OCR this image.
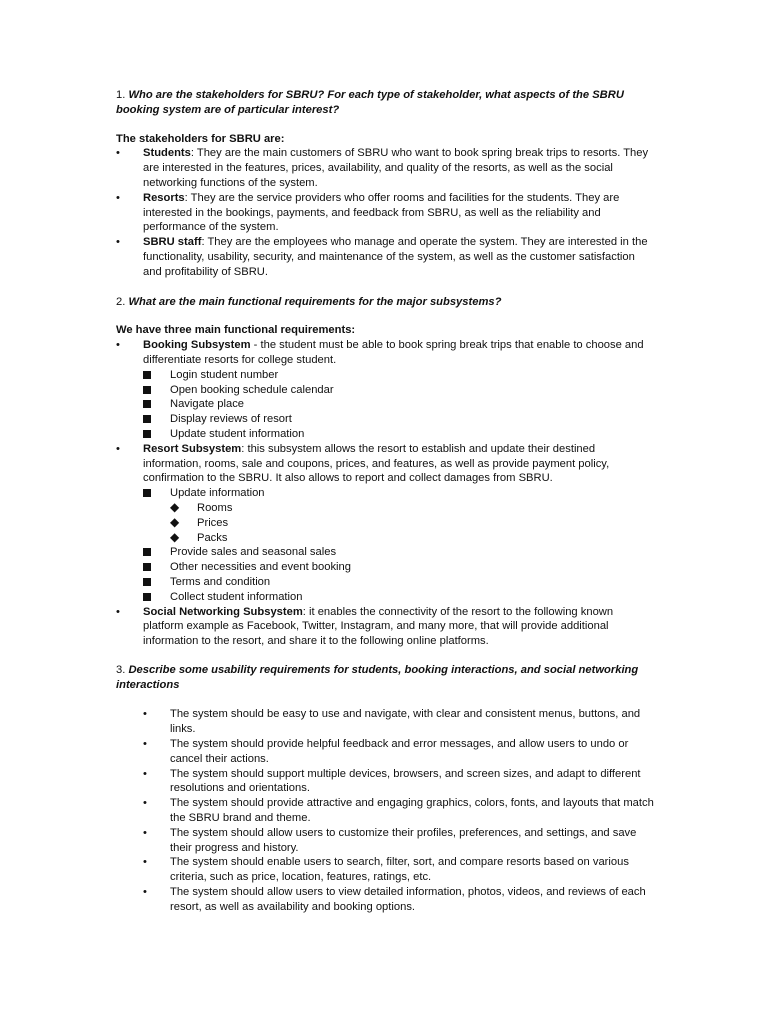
1. Who are the stakeholders for SBRU? For each type of stakeholder, what aspects of the SBRU booking system are of particular interest?

The stakeholders for SBRU are:

• Students: They are the main customers of SBRU who want to book spring break trips to resorts. They are interested in the features, prices, availability, and quality of the resorts, as well as the social networking functions of the system.
• Resorts: They are the service providers who offer rooms and facilities for the students. They are interested in the bookings, payments, and feedback from SBRU, as well as the reliability and performance of the system.
• SBRU staff: They are the employees who manage and operate the system. They are interested in the functionality, usability, security, and maintenance of the system, as well as the customer satisfaction and profitability of SBRU.

2. What are the main functional requirements for the major subsystems?

We have three main functional requirements:

• Booking Subsystem - the student must be able to book spring break trips that enable to choose and differentiate resorts for college student.
Login student number
Open booking schedule calendar
Navigate place
Display reviews of resort
Update student information
• Resort Subsystem: this subsystem allows the resort to establish and update their destined information, rooms, sale and coupons, prices, and features, as well as provide payment policy, confirmation to the SBRU. It also allows to report and collect damages from SBRU.
Update information
◆ Rooms
◆ Prices
◆ Packs
Provide sales and seasonal sales
Other necessities and event booking
Terms and condition
Collect student information
• Social Networking Subsystem: it enables the connectivity of the resort to the following known platform example as Facebook, Twitter, Instagram, and many more, that will provide additional information to the resort, and share it to the following online platforms.

3. Describe some usability requirements for students, booking interactions, and social networking interactions

• The system should be easy to use and navigate, with clear and consistent menus, buttons, and links.
• The system should provide helpful feedback and error messages, and allow users to undo or cancel their actions.
• The system should support multiple devices, browsers, and screen sizes, and adapt to different resolutions and orientations.
• The system should provide attractive and engaging graphics, colors, fonts, and layouts that match the SBRU brand and theme.
• The system should allow users to customize their profiles, preferences, and settings, and save their progress and history.
• The system should enable users to search, filter, sort, and compare resorts based on various criteria, such as price, location, features, ratings, etc.
• The system should allow users to view detailed information, photos, videos, and reviews of each resort, as well as availability and booking options.
